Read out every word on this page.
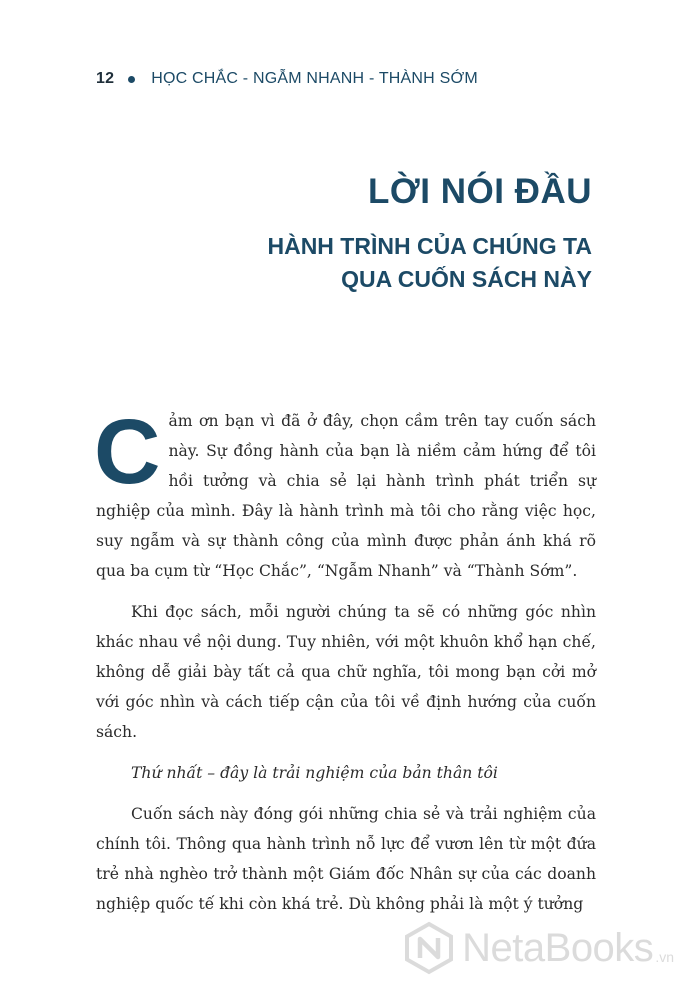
12 HỌC CHẮC - NGẪM NHANH - THÀNH SỚM
LỜI NÓI ĐẦU
HÀNH TRÌNH CỦA CHÚNG TA
QUA CUỐN SÁCH NÀY

Cảm ơn bạn vì đã ở đây, chọn cầm trên tay cuốn sách này. Sự đồng hành của bạn là niềm cảm hứng để tôi hồi tưởng và chia sẻ lại hành trình phát triển sự nghiệp của mình. Đây là hành trình mà tôi cho rằng việc học, suy ngẫm và sự thành công của mình được phản ánh khá rõ qua ba cụm từ “Học Chắc”, “Ngẫm Nhanh” và “Thành Sớm”.

Khi đọc sách, mỗi người chúng ta sẽ có những góc nhìn khác nhau về nội dung. Tuy nhiên, với một khuôn khổ hạn chế, không dễ giải bày tất cả qua chữ nghĩa, tôi mong bạn cởi mở với góc nhìn và cách tiếp cận của tôi về định hướng của cuốn sách.

Thứ nhất – đây là trải nghiệm của bản thân tôi

Cuốn sách này đóng gói những chia sẻ và trải nghiệm của chính tôi. Thông qua hành trình nỗ lực để vươn lên từ một đứa trẻ nhà nghèo trở thành một Giám đốc Nhân sự của các doanh nghiệp quốc tế khi còn khá trẻ. Dù không phải là một ý tưởng

NetaBooks .vn
